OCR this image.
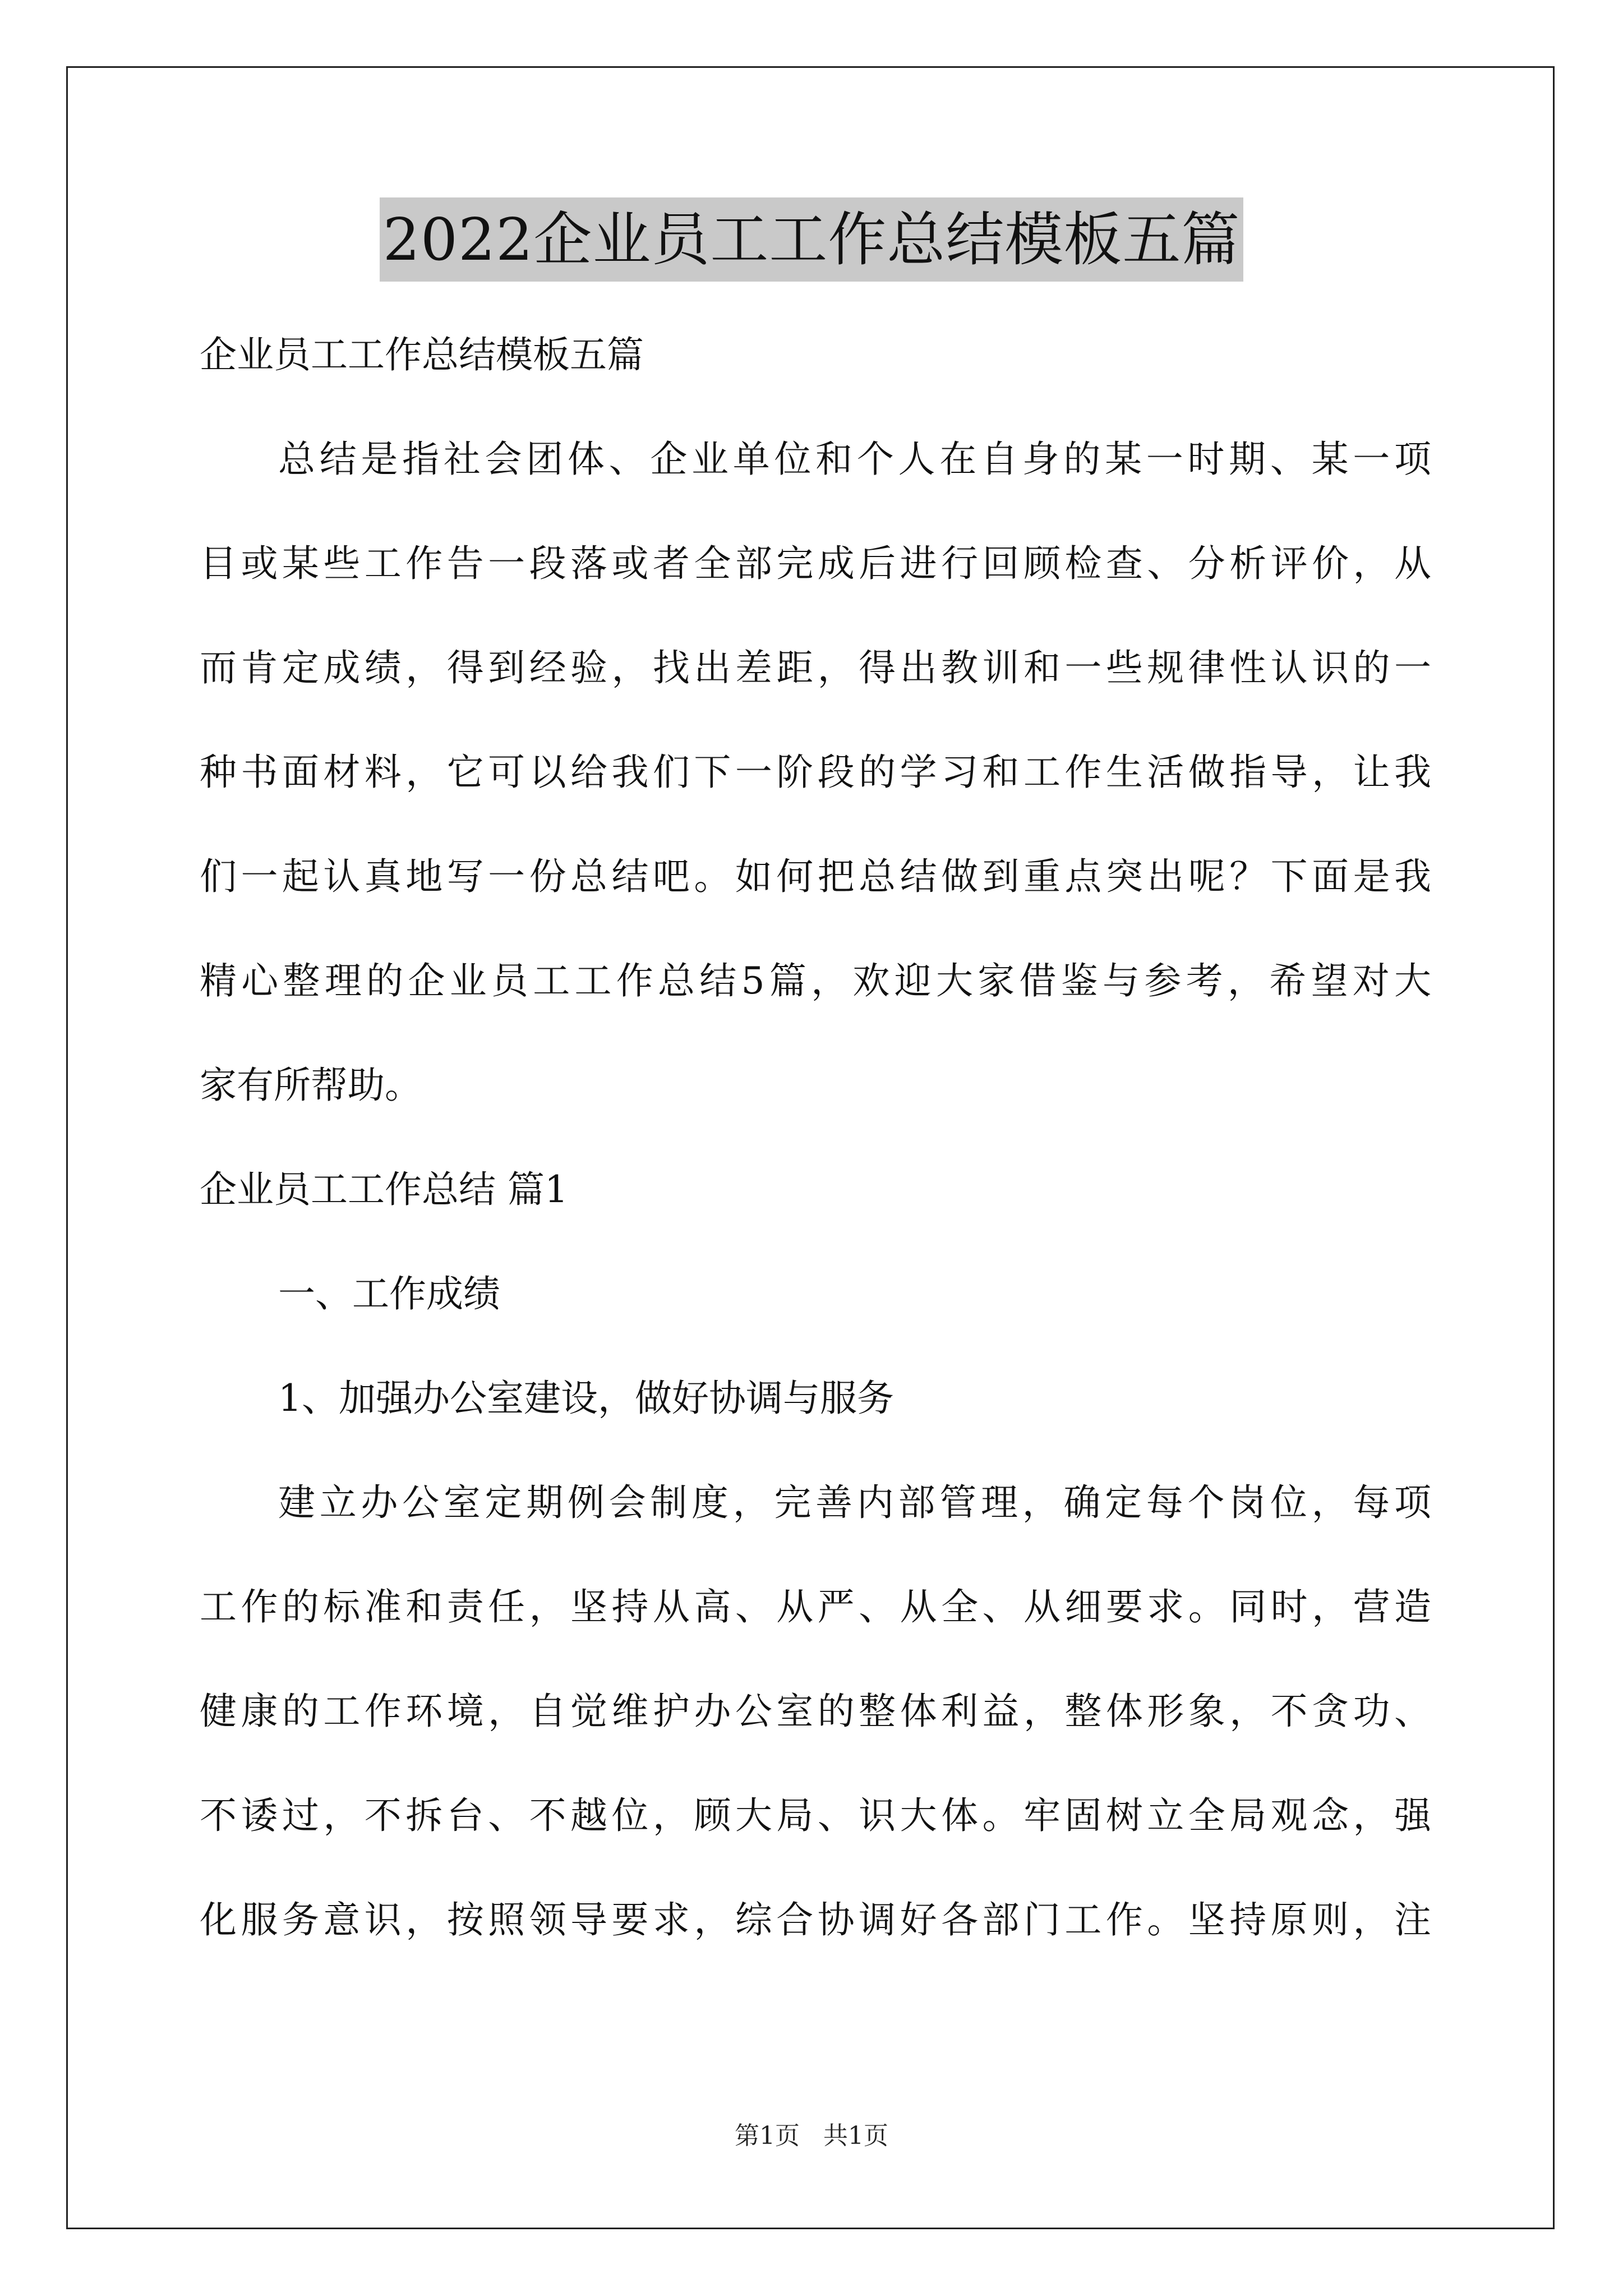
2022企业员工工作总结模板五篇
企业员工工作总结模板五篇
总结是指社会团体、企业单位和个人在自身的某一时期、某一项
目或某些工作告一段落或者全部完成后进行回顾检查、分析评价，从
而肯定成绩，得到经验，找出差距，得出教训和一些规律性认识的一
种书面材料，它可以给我们下一阶段的学习和工作生活做指导，让我
们一起认真地写一份总结吧。如何把总结做到重点突出呢？下面是我
精心整理的企业员工工作总结5篇，欢迎大家借鉴与参考，希望对大
家有所帮助。
企业员工工作总结 篇1
一、工作成绩
1、加强办公室建设，做好协调与服务
建立办公室定期例会制度，完善内部管理，确定每个岗位，每项
工作的标准和责任，坚持从高、从严、从全、从细要求。同时，营造
健康的工作环境，自觉维护办公室的整体利益，整体形象，不贪功、
不诿过，不拆台、不越位，顾大局、识大体。牢固树立全局观念，强
化服务意识，按照领导要求，综合协调好各部门工作。坚持原则，注
第1页 共1页
